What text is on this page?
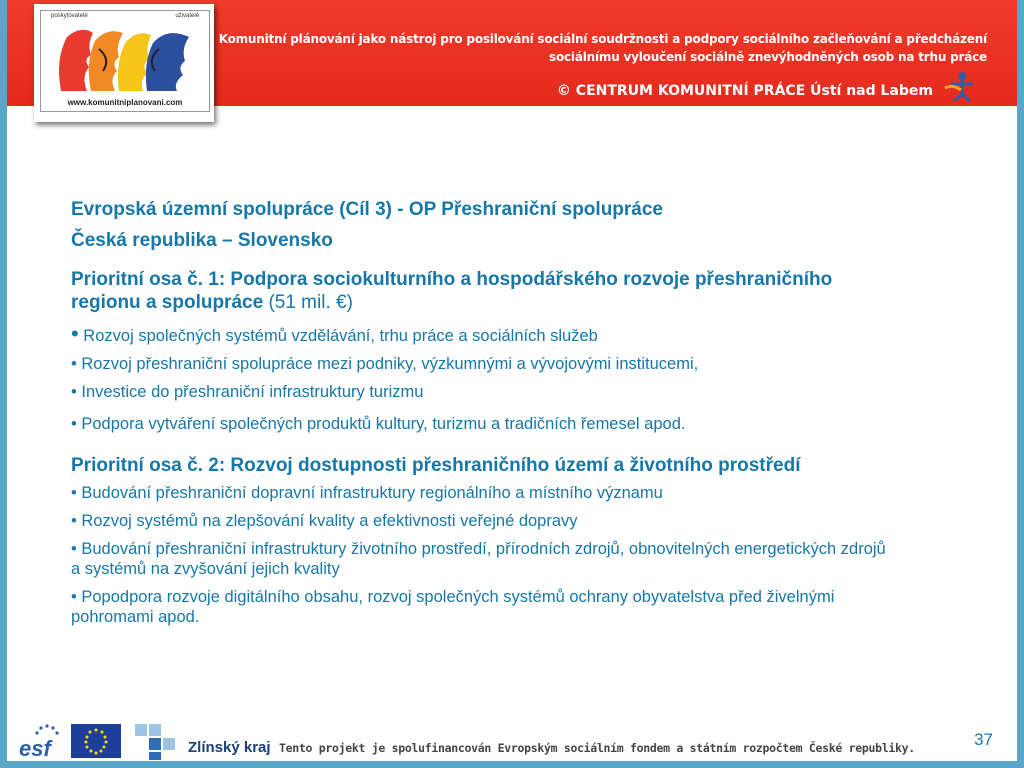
Komunitní plánování jako nástroj pro posilování sociální soudržnosti a podpory sociálního začleňování a předcházení
sociálnímu vyloučení sociálně znevýhodněných osob na trhu práce
© CENTRUM KOMUNITNÍ PRÁCE Ústí nad Labem
poskytovatelé	uživatelé
www.komunitniplanovani.com

Evropská územní spolupráce (Cíl 3) - OP Přeshraniční spolupráce

Česká republika – Slovensko

Prioritní osa č. 1: Podpora sociokulturního a hospodářského rozvoje přeshraničního regionu a spolupráce (51 mil. €)

• Rozvoj společných systémů vzdělávání, trhu práce a sociálních služeb

• Rozvoj přeshraniční spolupráce mezi podniky, výzkumnými a vývojovými institucemi,

• Investice do přeshraniční infrastruktury turizmu

• Podpora vytváření společných produktů kultury, turizmu a tradičních řemesel apod.

Prioritní osa č. 2: Rozvoj dostupnosti přeshraničního území a životního prostředí

• Budování přeshraniční dopravní infrastruktury regionálního a místního významu

• Rozvoj systémů na zlepšování kvality a efektivnosti veřejné dopravy

• Budování přeshraniční infrastruktury životního prostředí, přírodních zdrojů, obnovitelných energetických zdrojů a systémů na zvyšování jejich kvality

• Popodpora rozvoje digitálního obsahu, rozvoj společných systémů ochrany obyvatelstva před živelnými pohromami apod.

esf	Zlínský kraj Tento projekt je spolufinancován Evropským sociálním fondem a státním rozpočtem České republiky.	37
